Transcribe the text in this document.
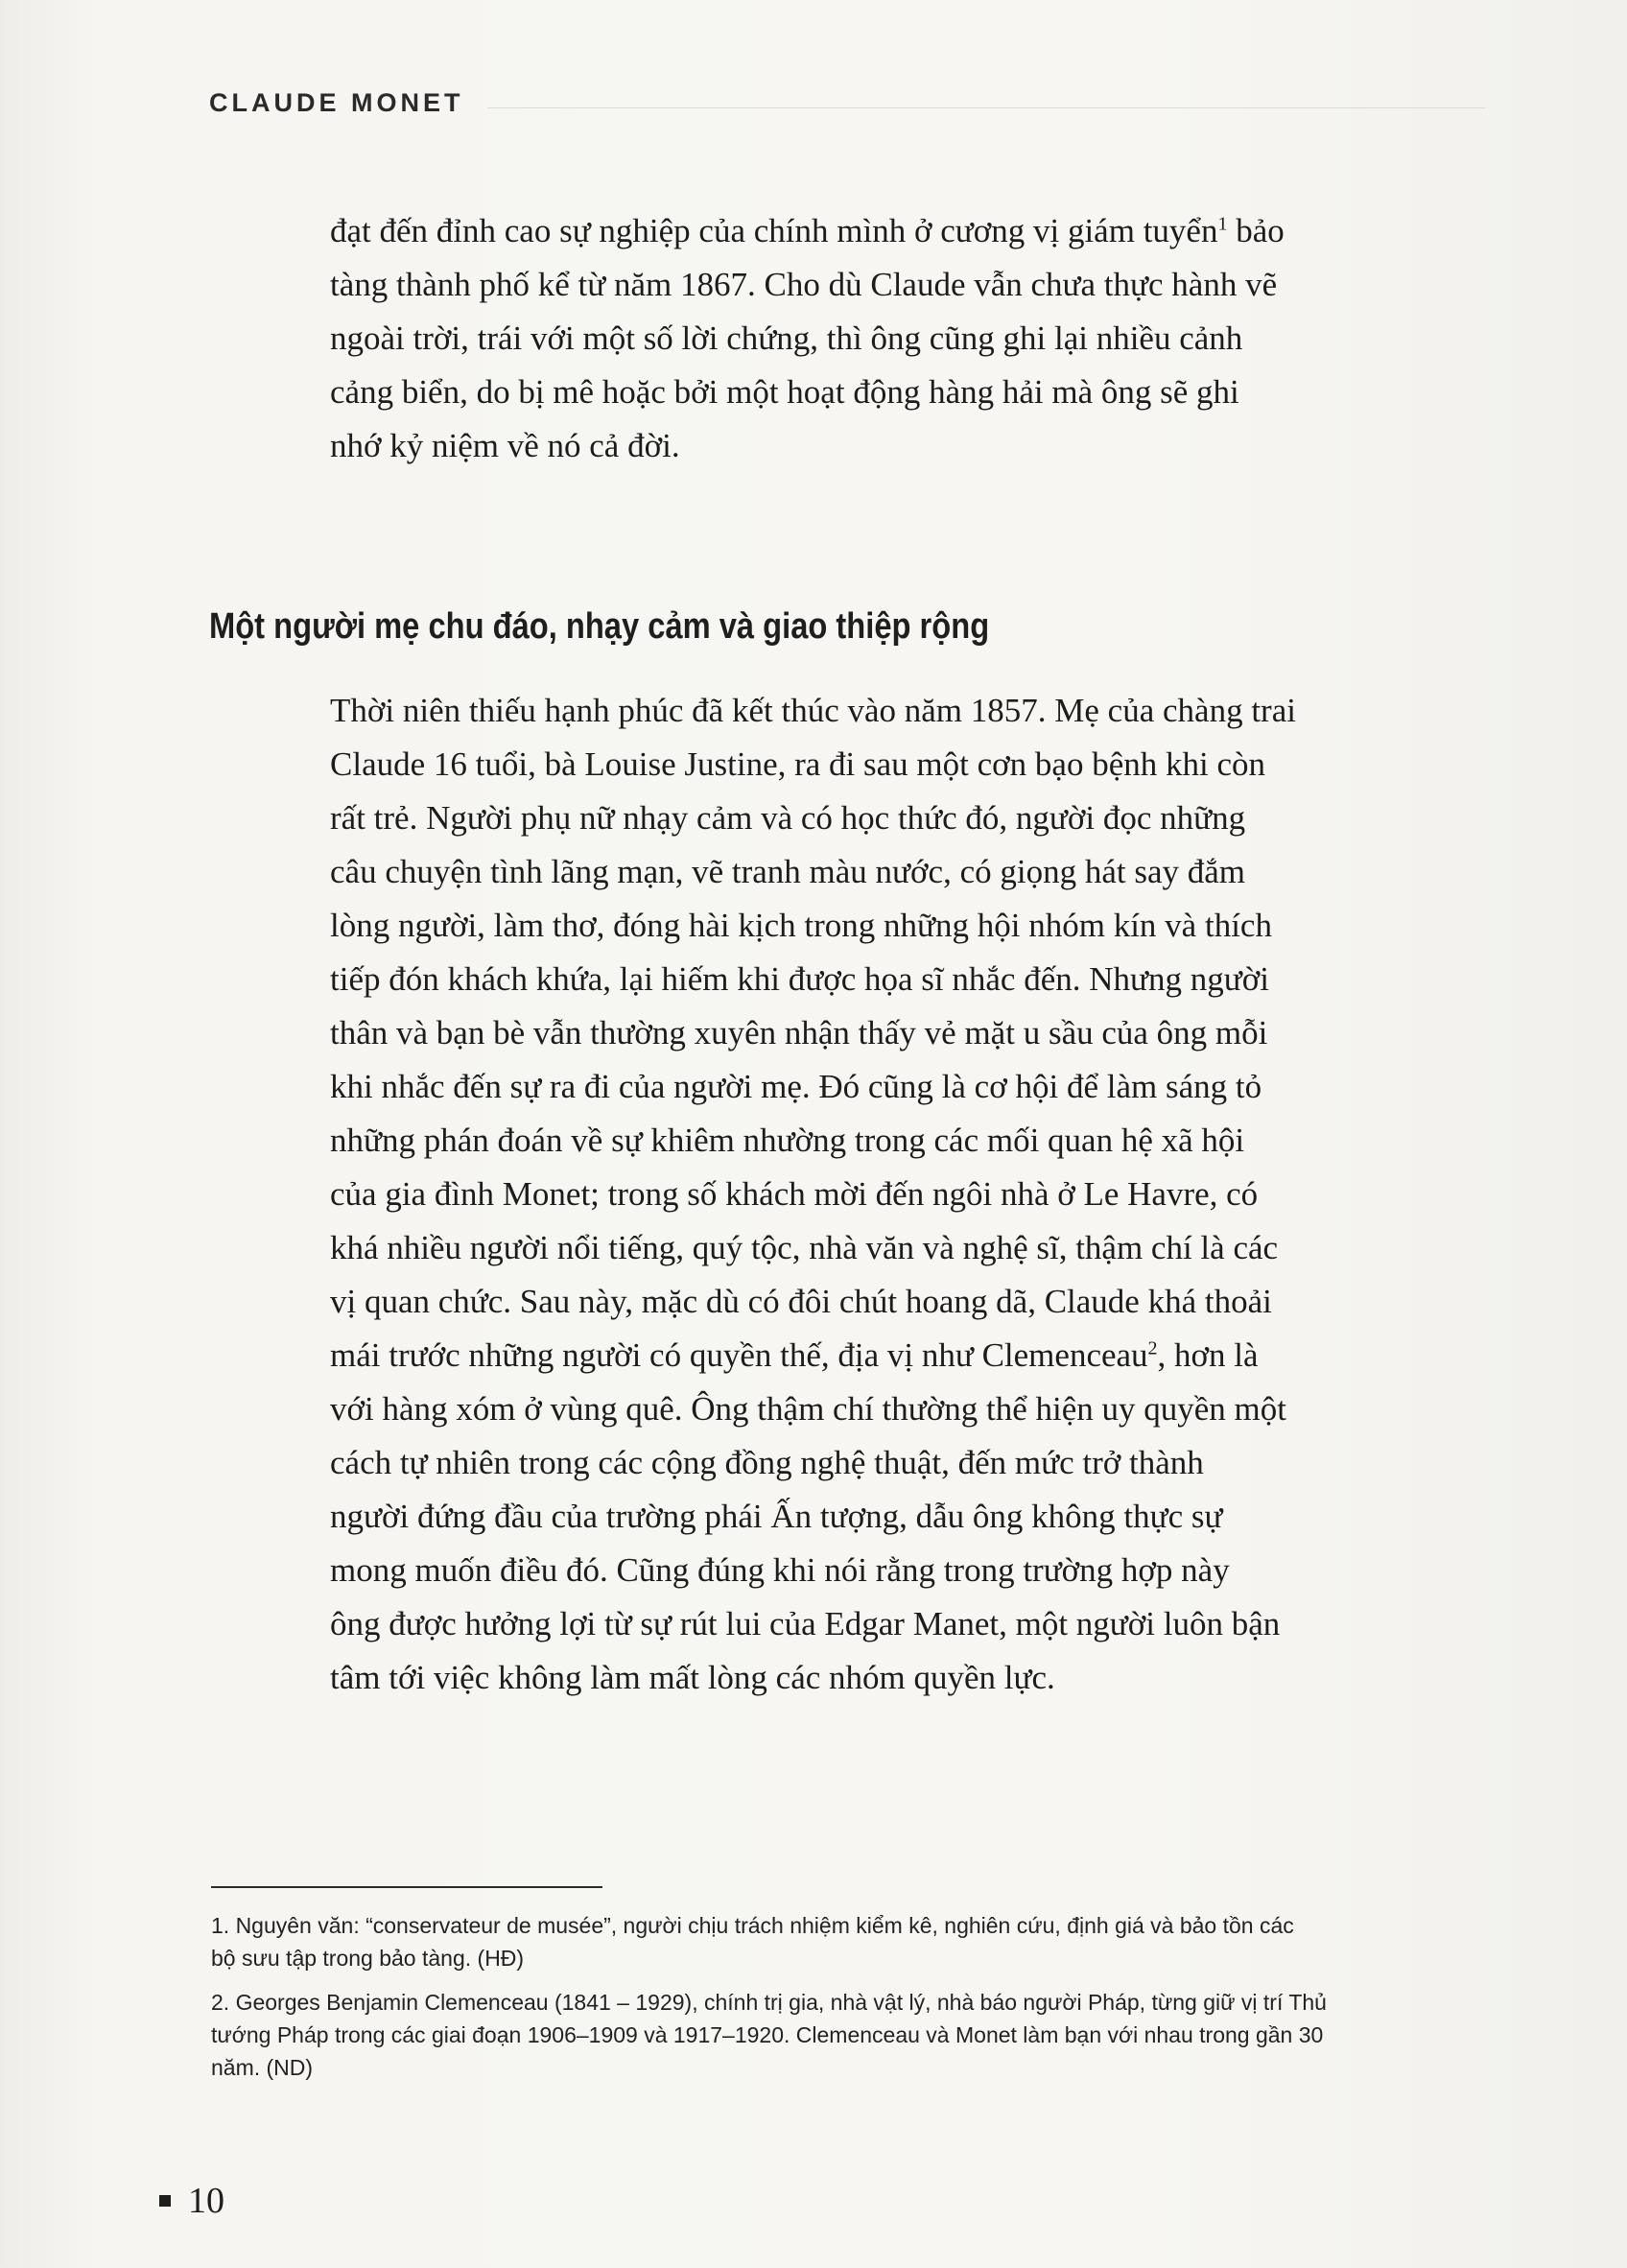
CLAUDE MONET

đạt đến đỉnh cao sự nghiệp của chính mình ở cương vị giám tuyển$^1$ bảo
tàng thành phố kể từ năm 1867. Cho dù Claude vẫn chưa thực hành vẽ
ngoài trời, trái với một số lời chứng, thì ông cũng ghi lại nhiều cảnh
cảng biển, do bị mê hoặc bởi một hoạt động hàng hải mà ông sẽ ghi
nhớ kỷ niệm về nó cả đời.

Một người mẹ chu đáo, nhạy cảm và giao thiệp rộng

Thời niên thiếu hạnh phúc đã kết thúc vào năm 1857. Mẹ của chàng trai
Claude 16 tuổi, bà Louise Justine, ra đi sau một cơn bạo bệnh khi còn
rất trẻ. Người phụ nữ nhạy cảm và có học thức đó, người đọc những
câu chuyện tình lãng mạn, vẽ tranh màu nước, có giọng hát say đắm
lòng người, làm thơ, đóng hài kịch trong những hội nhóm kín và thích
tiếp đón khách khứa, lại hiếm khi được họa sĩ nhắc đến. Nhưng người
thân và bạn bè vẫn thường xuyên nhận thấy vẻ mặt u sầu của ông mỗi
khi nhắc đến sự ra đi của người mẹ. Đó cũng là cơ hội để làm sáng tỏ
những phán đoán về sự khiêm nhường trong các mối quan hệ xã hội
của gia đình Monet; trong số khách mời đến ngôi nhà ở Le Havre, có
khá nhiều người nổi tiếng, quý tộc, nhà văn và nghệ sĩ, thậm chí là các
vị quan chức. Sau này, mặc dù có đôi chút hoang dã, Claude khá thoải
mái trước những người có quyền thế, địa vị như Clemenceau$^2$, hơn là
với hàng xóm ở vùng quê. Ông thậm chí thường thể hiện uy quyền một
cách tự nhiên trong các cộng đồng nghệ thuật, đến mức trở thành
người đứng đầu của trường phái Ấn tượng, dẫu ông không thực sự
mong muốn điều đó. Cũng đúng khi nói rằng trong trường hợp này
ông được hưởng lợi từ sự rút lui của Edgar Manet, một người luôn bận
tâm tới việc không làm mất lòng các nhóm quyền lực.

1. Nguyên văn: “conservateur de musée”, người chịu trách nhiệm kiểm kê, nghiên cứu, định giá và bảo tồn các
bộ sưu tập trong bảo tàng. (HĐ)

2. Georges Benjamin Clemenceau (1841 – 1929), chính trị gia, nhà vật lý, nhà báo người Pháp, từng giữ vị trí Thủ
tướng Pháp trong các giai đoạn 1906–1909 và 1917–1920. Clemenceau và Monet làm bạn với nhau trong gần 30
năm. (ND)

10
